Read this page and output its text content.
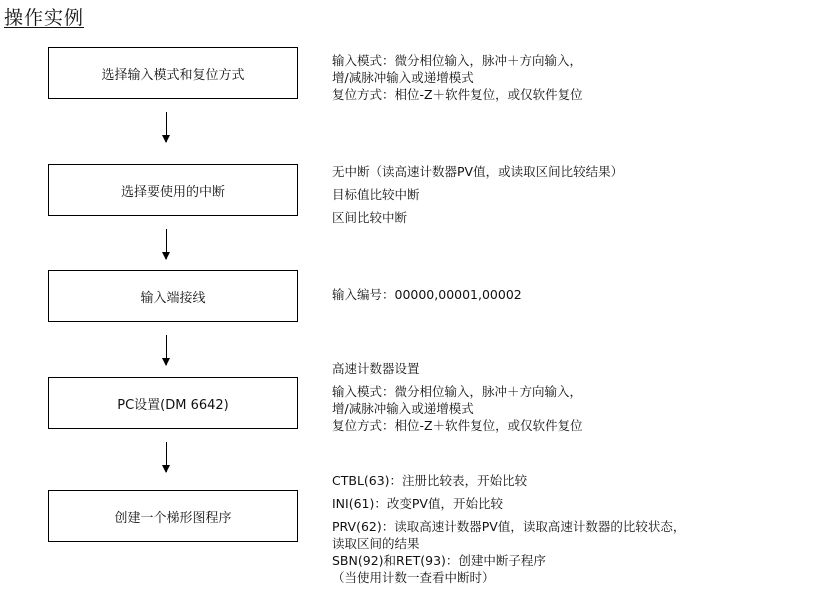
操作实例
选择输入模式和复位方式
输入模式：微分相位输入，脉冲＋方向输入，
增/减脉冲输入或递增模式
复位方式：相位-Z＋软件复位，或仅软件复位
选择要使用的中断
无中断（读高速计数器PV值，或读取区间比较结果）
目标值比较中断
区间比较中断
输入端接线	输入编号：00000,00001,00002
PC设置(DM 6642)
高速计数器设置
输入模式：微分相位输入，脉冲＋方向输入，
增/减脉冲输入或递增模式
复位方式：相位-Z＋软件复位，或仅软件复位
创建一个梯形图程序
CTBL(63)：注册比较表，开始比较
INI(61)：改变PV值，开始比较
PRV(62)：读取高速计数器PV值，读取高速计数器的比较状态，
读取区间的结果
SBN(92)和RET(93)：创建中断子程序
（当使用计数一查看中断时）
